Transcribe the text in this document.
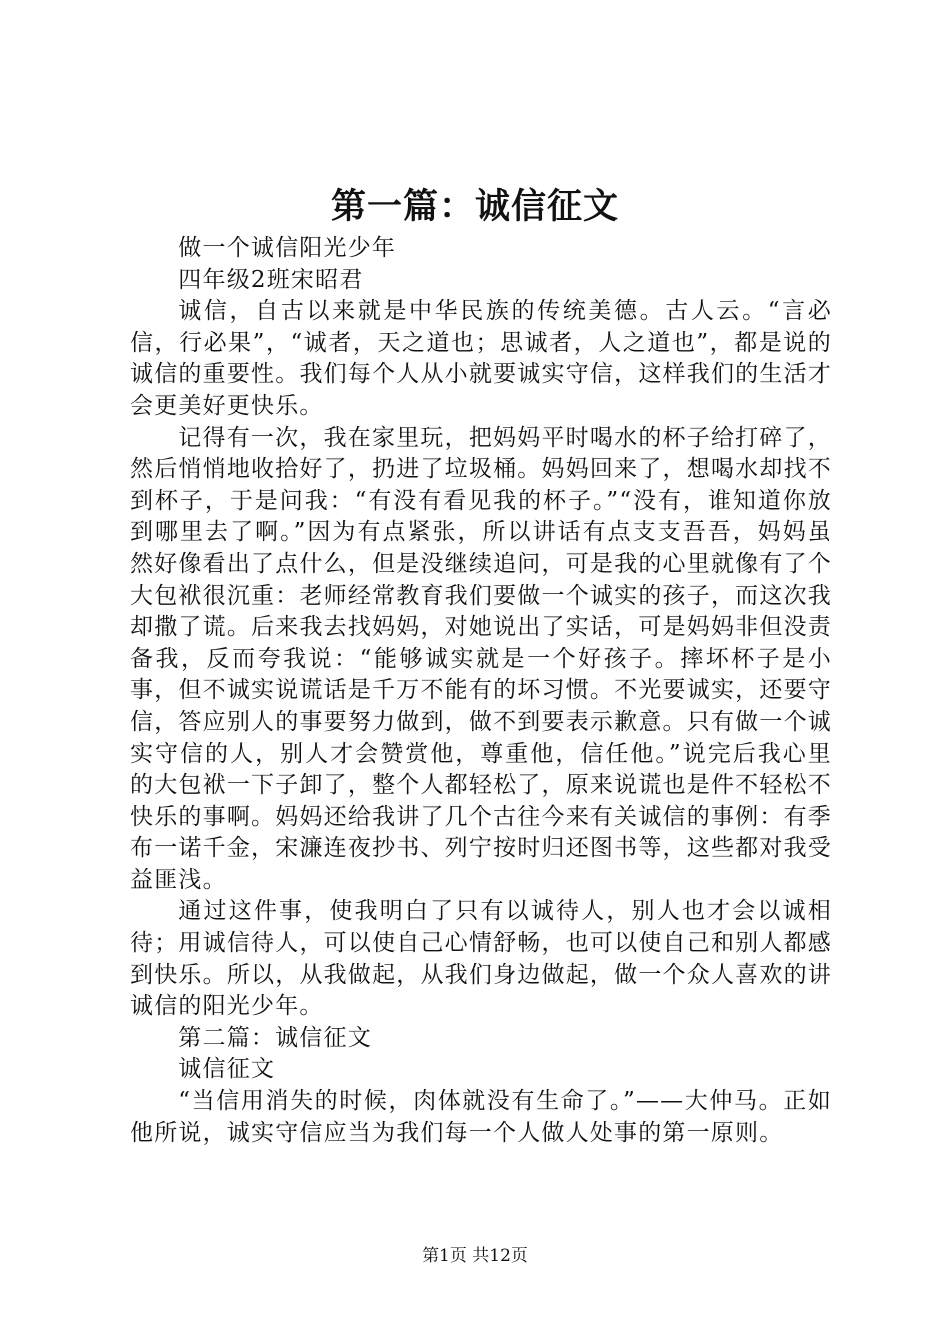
第一篇：诚信征文

做一个诚信阳光少年

四年级2班宋昭君

诚信，自古以来就是中华民族的传统美德。古人云。“言必信，行必果”，“诚者，天之道也；思诚者，人之道也”，都是说的诚信的重要性。我们每个人从小就要诚实守信，这样我们的生活才会更美好更快乐。

记得有一次，我在家里玩，把妈妈平时喝水的杯子给打碎了，然后悄悄地收拾好了，扔进了垃圾桶。妈妈回来了，想喝水却找不到杯子，于是问我：“有没有看见我的杯子。”“没有，谁知道你放到哪里去了啊。”因为有点紧张，所以讲话有点支支吾吾，妈妈虽然好像看出了点什么，但是没继续追问，可是我的心里就像有了个大包袱很沉重：老师经常教育我们要做一个诚实的孩子，而这次我却撒了谎。后来我去找妈妈，对她说出了实话，可是妈妈非但没责备我，反而夸我说：“能够诚实就是一个好孩子。摔坏杯子是小事，但不诚实说谎话是千万不能有的坏习惯。不光要诚实，还要守信，答应别人的事要努力做到，做不到要表示歉意。只有做一个诚实守信的人，别人才会赞赏他，尊重他，信任他。”说完后我心里的大包袱一下子卸了，整个人都轻松了，原来说谎也是件不轻松不快乐的事啊。妈妈还给我讲了几个古往今来有关诚信的事例：有季布一诺千金，宋濂连夜抄书、列宁按时归还图书等，这些都对我受益匪浅。

通过这件事，使我明白了只有以诚待人，别人也才会以诚相待；用诚信待人，可以使自己心情舒畅，也可以使自己和别人都感到快乐。所以，从我做起，从我们身边做起，做一个众人喜欢的讲诚信的阳光少年。

第二篇：诚信征文

诚信征文

“当信用消失的时候，肉体就没有生命了。”——大仲马。正如他所说，诚实守信应当为我们每一个人做人处事的第一原则。

第1页 共12页
